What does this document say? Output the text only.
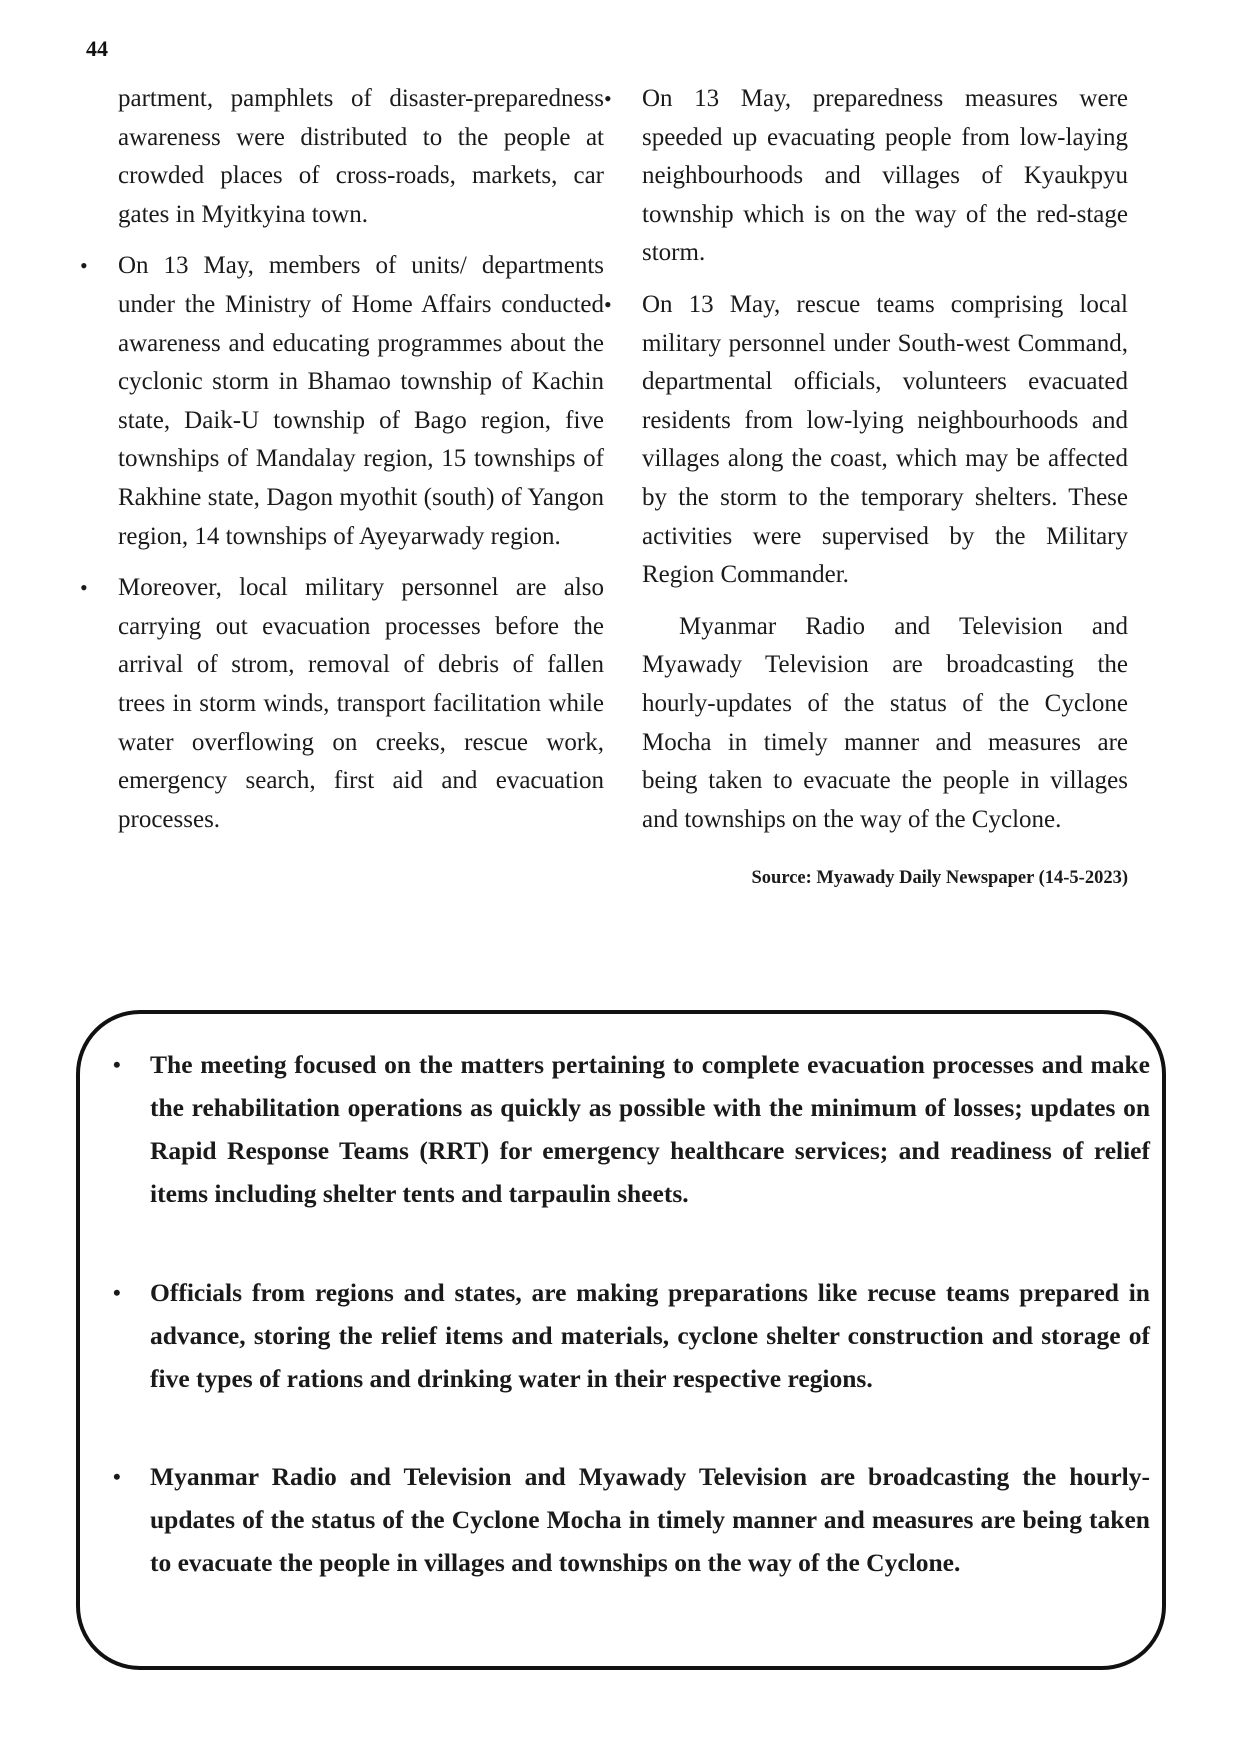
44
partment, pamphlets of disaster-preparedness awareness were distributed to the people at crowded places of cross-roads, markets, car gates in Myitkyina town.
• On 13 May, members of units/ departments under the Ministry of Home Affairs conducted awareness and educating programmes about the cyclonic storm in Bhamao township of Kachin state, Daik-U township of Bago region, five townships of Mandalay region, 15 townships of Rakhine state, Dagon myothit (south) of Yangon region, 14 townships of Ayeyarwady region.
• Moreover, local military personnel are also carrying out evacuation processes before the arrival of strom, removal of debris of fallen trees in storm winds, transport facilitation while water overflowing on creeks, rescue work, emergency search, first aid and evacuation processes.
• On 13 May, preparedness measures were speeded up evacuating people from low-laying neighbourhoods and villages of Kyaukpyu township which is on the way of the red-stage storm.
• On 13 May, rescue teams comprising local military personnel under South-west Command, departmental officials, volunteers evacuated residents from low-lying neighbourhoods and villages along the coast, which may be affected by the storm to the temporary shelters. These activities were supervised by the Military Region Commander.

Myanmar Radio and Television and Myawady Television are broadcasting the hourly-updates of the status of the Cyclone Mocha in timely manner and measures are being taken to evacuate the people in villages and townships on the way of the Cyclone.

Source: Myawady Daily Newspaper (14-5-2023)

• The meeting focused on the matters pertaining to complete evacuation processes and make the rehabilitation operations as quickly as possible with the minimum of losses; updates on Rapid Response Teams (RRT) for emergency healthcare services; and readiness of relief items including shelter tents and tarpaulin sheets.
• Officials from regions and states, are making preparations like recuse teams prepared in advance, storing the relief items and materials, cyclone shelter construction and storage of five types of rations and drinking water in their respective regions.
• Myanmar Radio and Television and Myawady Television are broadcasting the hourly-updates of the status of the Cyclone Mocha in timely manner and measures are being taken to evacuate the people in villages and townships on the way of the Cyclone.
